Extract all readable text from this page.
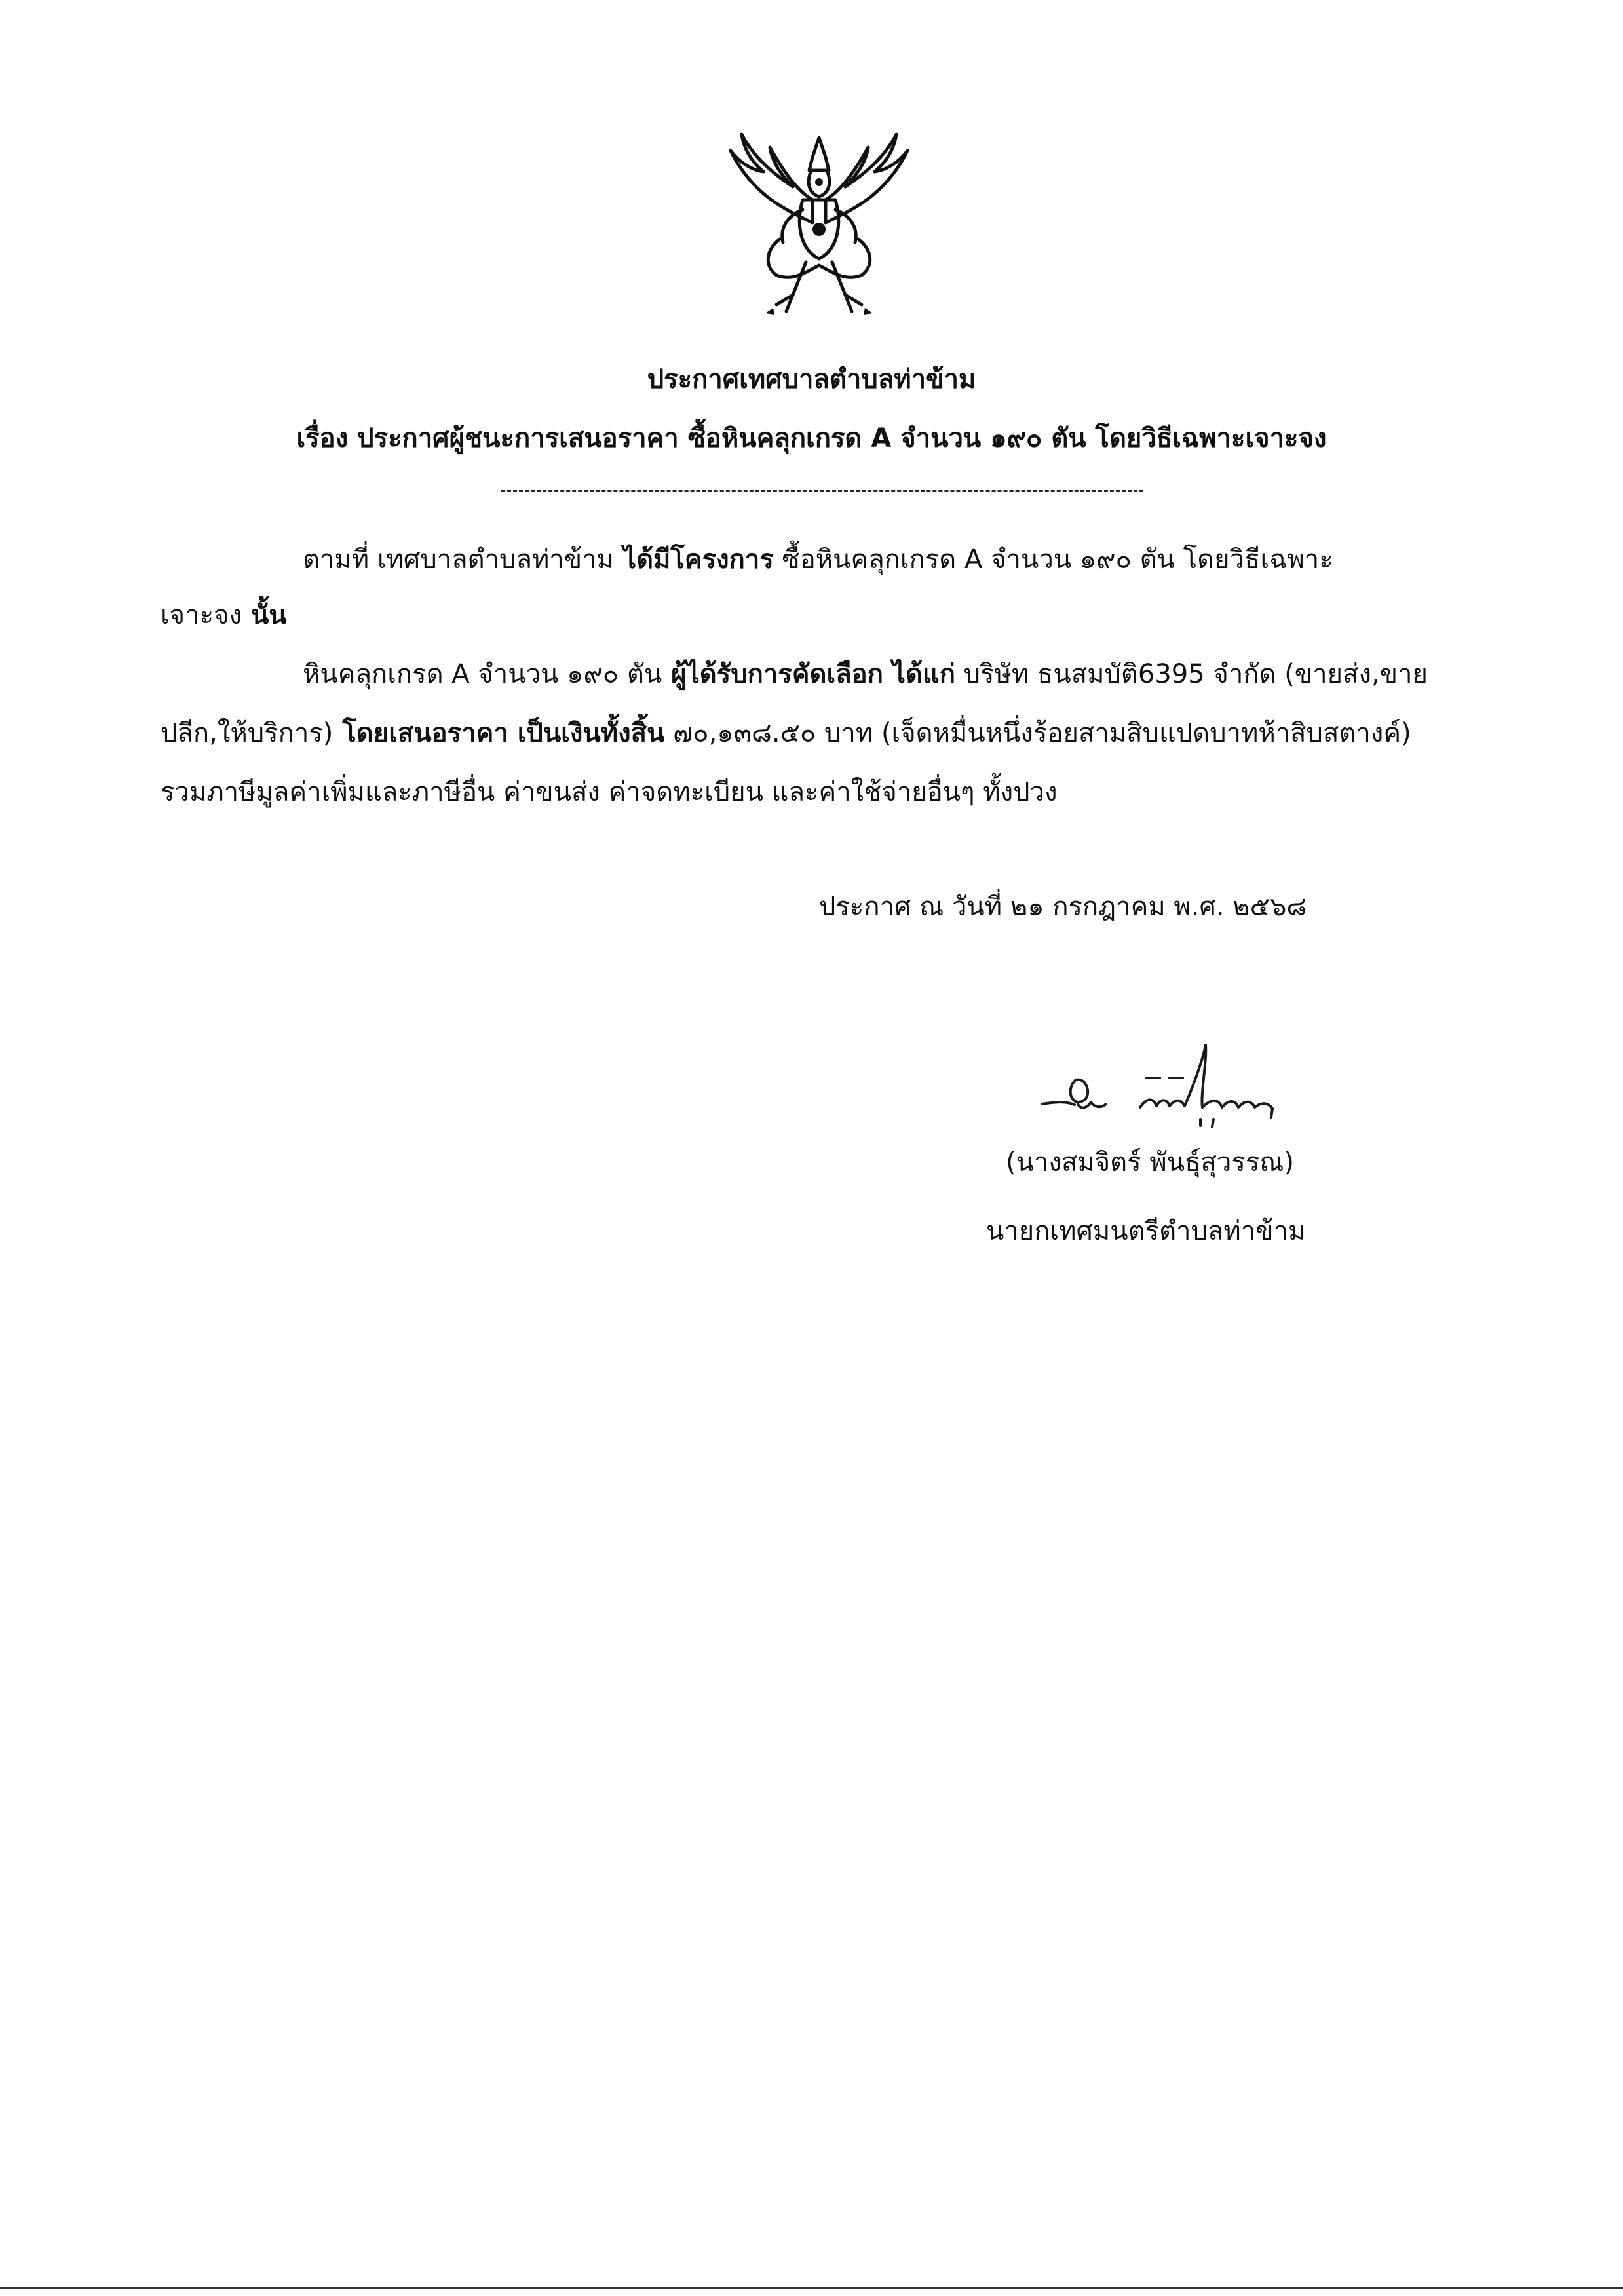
ประกาศเทศบาลตำบลท่าข้าม
เรื่อง ประกาศผู้ชนะการเสนอราคา ซื้อหินคลุกเกรด A จำนวน ๑๙๐ ตัน โดยวิธีเฉพาะเจาะจง
ตามที่ เทศบาลตำบลท่าข้าม ได้มีโครงการ ซื้อหินคลุกเกรด A จำนวน ๑๙๐ ตัน โดยวิธีเฉพาะ
เจาะจง นั้น
หินคลุกเกรด A จำนวน ๑๙๐ ตัน ผู้ได้รับการคัดเลือก ได้แก่ บริษัท ธนสมบัติ6395 จำกัด (ขายส่ง,ขาย
ปลีก,ให้บริการ) โดยเสนอราคา เป็นเงินทั้งสิ้น ๗๐,๑๓๘.๕๐ บาท (เจ็ดหมื่นหนึ่งร้อยสามสิบแปดบาทห้าสิบสตางค์)
รวมภาษีมูลค่าเพิ่มและภาษีอื่น ค่าขนส่ง ค่าจดทะเบียน และค่าใช้จ่ายอื่นๆ ทั้งปวง
ประกาศ ณ วันที่ ๒๑ กรกฎาคม พ.ศ. ๒๕๖๘
(นางสมจิตร์ พันธุ์สุวรรณ)
นายกเทศมนตรีตำบลท่าข้าม
